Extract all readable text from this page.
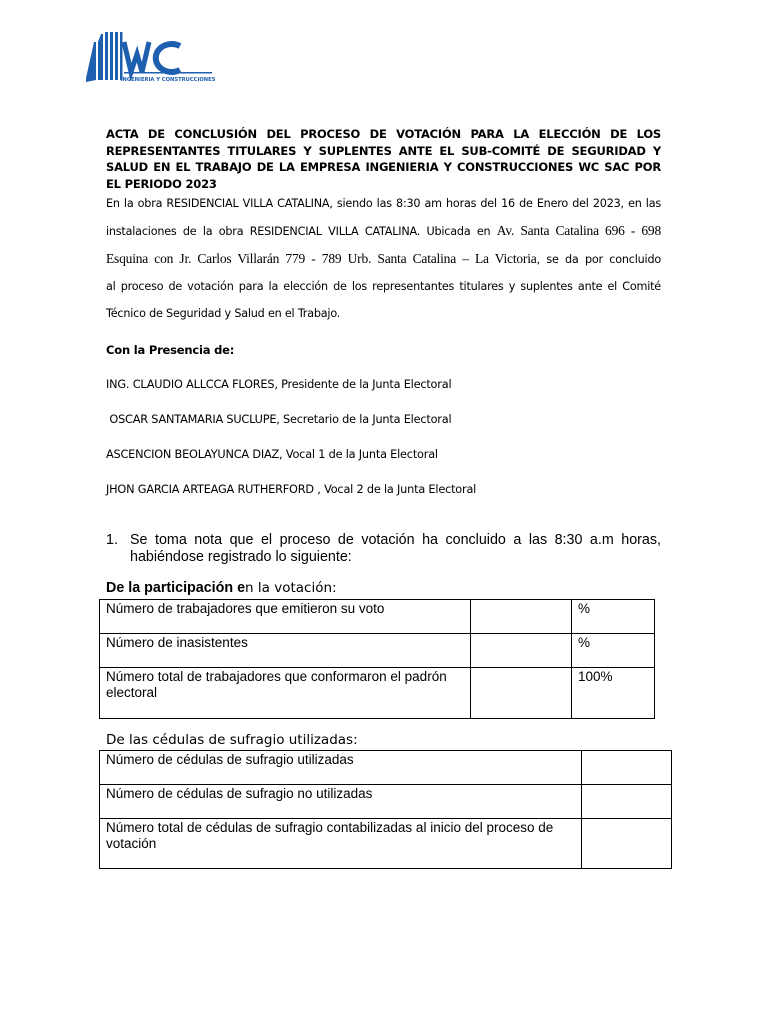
INGENIERIA Y CONSTRUCCIONES
ACTA DE CONCLUSIÓN DEL PROCESO DE VOTACIÓN PARA LA ELECCIÓN DE LOS REPRESENTANTES TITULARES Y SUPLENTES ANTE EL SUB-COMITÉ DE SEGURIDAD Y SALUD EN EL TRABAJO DE LA EMPRESA INGENIERIA Y CONSTRUCCIONES WC SAC POR EL PERIODO 2023
En la obra RESIDENCIAL VILLA CATALINA, siendo las 8:30 am horas del 16 de Enero del 2023, en las
instalaciones de la obra RESIDENCIAL VILLA CATALINA. Ubicada en Av. Santa Catalina 696 - 698
Esquina con Jr. Carlos Villarán 779 - 789 Urb. Santa Catalina – La Victoria, se da por concluido
al proceso de votación para la elección de los representantes titulares y suplentes ante el Comité
Técnico de Seguridad y Salud en el Trabajo.
Con la Presencia de:
ING. CLAUDIO ALLCCA FLORES, Presidente de la Junta Electoral
OSCAR SANTAMARIA SUCLUPE, Secretario de la Junta Electoral
ASCENCION BEOLAYUNCA DIAZ, Vocal 1 de la Junta Electoral
JHON GARCIA ARTEAGA RUTHERFORD , Vocal 2 de la Junta Electoral
1. Se toma nota que el proceso de votación ha concluido a las 8:30 a.m horas,
habiéndose registrado lo siguiente:
De la participación en la votación:
Número de trabajadores que emitieron su voto		%
Número de inasistentes		%
Número total de trabajadores que conformaron el padrón electoral		100%
De las cédulas de sufragio utilizadas:
Número de cédulas de sufragio utilizadas	
Número de cédulas de sufragio no utilizadas	
Número total de cédulas de sufragio contabilizadas al inicio del proceso de votación	
